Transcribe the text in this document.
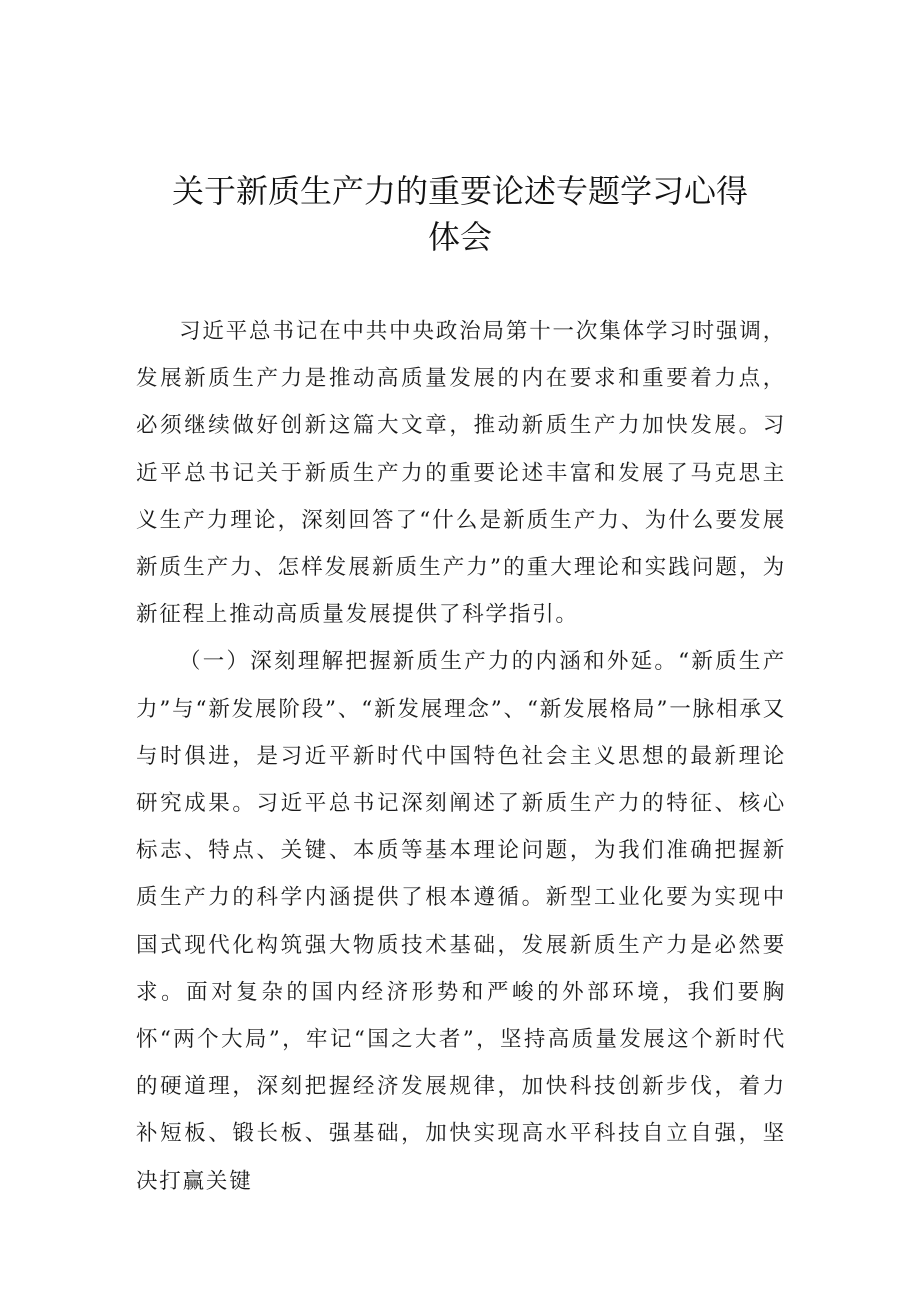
关于新质生产力的重要论述专题学习心得
体会

习近平总书记在中共中央政治局第十一次集体学习时强调，发展新质生产力是推动高质量发展的内在要求和重要着力点，必须继续做好创新这篇大文章，推动新质生产力加快发展。习近平总书记关于新质生产力的重要论述丰富和发展了马克思主义生产力理论，深刻回答了“什么是新质生产力、为什么要发展新质生产力、怎样发展新质生产力”的重大理论和实践问题，为新征程上推动高质量发展提供了科学指引。

（一）深刻理解把握新质生产力的内涵和外延。“新质生产力”与“新发展阶段”、“新发展理念”、“新发展格局”一脉相承又与时俱进，是习近平新时代中国特色社会主义思想的最新理论研究成果。习近平总书记深刻阐述了新质生产力的特征、核心标志、特点、关键、本质等基本理论问题，为我们准确把握新质生产力的科学内涵提供了根本遵循。新型工业化要为实现中国式现代化构筑强大物质技术基础，发展新质生产力是必然要求。面对复杂的国内经济形势和严峻的外部环境，我们要胸怀“两个大局”，牢记“国之大者”，坚持高质量发展这个新时代的硬道理，深刻把握经济发展规律，加快科技创新步伐，着力补短板、锻长板、强基础，加快实现高水平科技自立自强，坚决打赢关键
